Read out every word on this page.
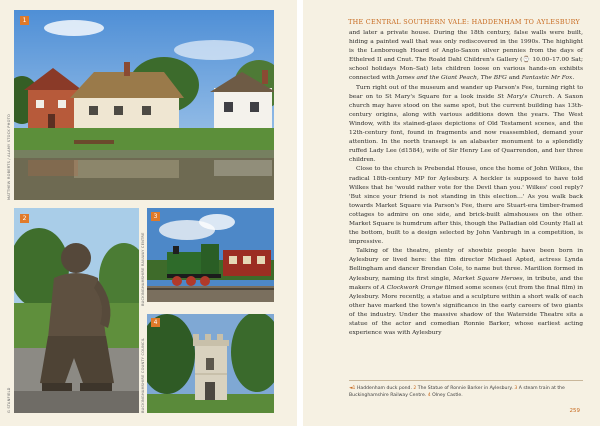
1
MATTHEW ROBERTS / ALAMY STOCK PHOTO
2
G STANFIELD
3
BUCKINGHAMSHIRE RAILWAY CENTRE
4
BUCKINGHAMSHIRE COUNTY COUNCIL
THE CENTRAL SOUTHERN VALE: HADDENHAM TO AYLESBURY

and later a private house. During the 18th century, false walls were built, hiding a painted wall that was only rediscovered in the 1990s. The highlight is the Lenborough Hoard of Anglo-Saxon silver pennies from the days of Ethelred II and Cnut. The Roald Dahl Children's Gallery (⌚ 10.00–17.00 Sat; school holidays Mon–Sat) lets children loose on various hands-on exhibits connected with James and the Giant Peach, The BFG and Fantastic Mr Fox.

Turn right out of the museum and wander up Parson's Fee, turning right to bear on to St Mary's Square for a look inside St Mary's Church. A Saxon church may have stood on the same spot, but the current building has 13th-century origins, along with various additions down the years. The West Window, with its stained-glass depictions of Old Testament scenes, and the 12th-century font, found in fragments and now reassembled, demand your attention. In the north transept is an alabaster monument to a splendidly ruffed Lady Lee (d1584), wife of Sir Henry Lee of Quarrendon, and her three children.

Close to the church is Prebendal House, once the home of John Wilkes, the radical 18th-century MP for Aylesbury. A heckler is supposed to have told Wilkes that he 'would rather vote for the Devil than you.' Wilkes' cool reply? 'But since your friend is not standing in this election…' As you walk back towards Market Square via Parson's Fee, there are Stuart-era timber-framed cottages to admire on one side, and brick-built almshouses on the other. Market Square is humdrum after this, though the Palladian old County Hall at the bottom, built to a design selected by John Vanbrugh in a competition, is impressive.

Talking of the theatre, plenty of showbiz people have been born in Aylesbury or lived here: the film director Michael Apted, actress Lynda Bellingham and dancer Brendan Cole, to name but three. Marillion formed in Aylesbury, naming its first single, Market Square Heroes, in tribute, and the makers of A Clockwork Orange filmed some scenes (cut from the final film) in Aylesbury. More recently, a statue and a sculpture within a short walk of each other have marked the town's significance in the early careers of two giants of the industry. Under the massive shadow of the Waterside Theatre sits a statue of the actor and comedian Ronnie Barker, whose earliest acting experience was with Aylesbury

◄1 Haddenham duck pond. 2 The Statue of Ronnie Barker in Aylesbury. 3 A steam train at the Buckinghamshire Railway Centre. 4 Olney Castle.
259
